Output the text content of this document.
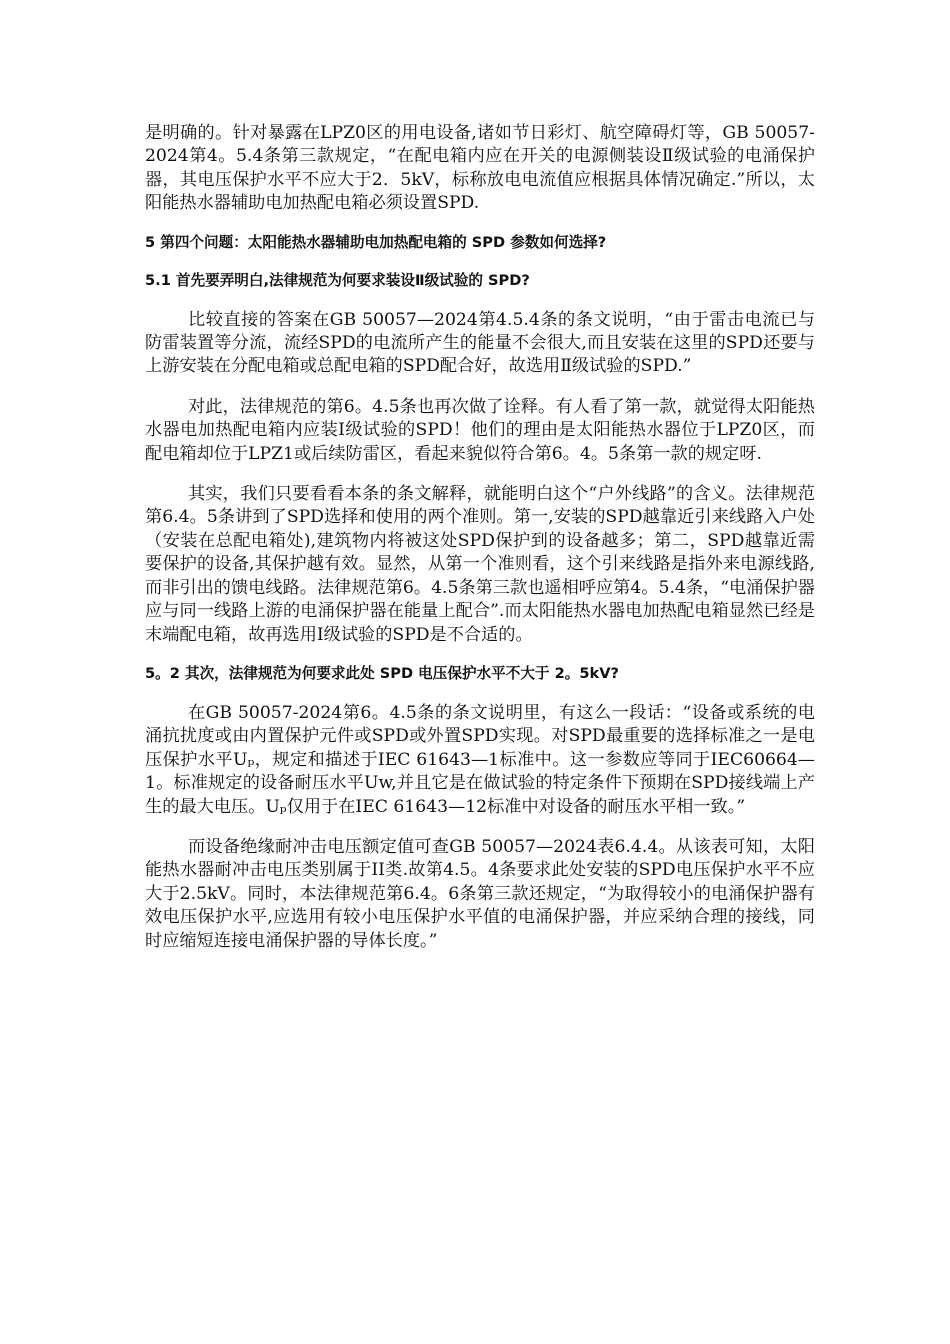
是明确的。针对暴露在LPZ0区的用电设备,诸如节日彩灯、航空障碍灯等，GB 50057-2024第4。5.4条第三款规定，“在配电箱内应在开关的电源侧装设Ⅱ级试验的电涌保护器，其电压保护水平不应大于2．5kV，标称放电电流值应根据具体情况确定.”所以，太阳能热水器辅助电加热配电箱必须设置SPD.

5 第四个问题：太阳能热水器辅助电加热配电箱的 SPD 参数如何选择?
5.1 首先要弄明白,法律规范为何要求装设Ⅱ级试验的 SPD?

比较直接的答案在GB 50057—2024第4.5.4条的条文说明，“由于雷击电流已与防雷装置等分流，流经SPD的电流所产生的能量不会很大,而且安装在这里的SPD还要与上游安装在分配电箱或总配电箱的SPD配合好，故选用Ⅱ级试验的SPD.”

对此，法律规范的第6。4.5条也再次做了诠释。有人看了第一款，就觉得太阳能热水器电加热配电箱内应装Ⅰ级试验的SPD！他们的理由是太阳能热水器位于LPZ0区，而配电箱却位于LPZ1或后续防雷区，看起来貌似符合第6。4。5条第一款的规定呀.

其实，我们只要看看本条的条文解释，就能明白这个“户外线路”的含义。法律规范第6.4。5条讲到了SPD选择和使用的两个准则。第一,安装的SPD越靠近引来线路入户处（安装在总配电箱处),建筑物内将被这处SPD保护到的设备越多；第二，SPD越靠近需要保护的设备,其保护越有效。显然，从第一个准则看，这个引来线路是指外来电源线路,而非引出的馈电线路。法律规范第6。4.5条第三款也遥相呼应第4。5.4条，“电涌保护器应与同一线路上游的电涌保护器在能量上配合”.而太阳能热水器电加热配电箱显然已经是末端配电箱，故再选用Ⅰ级试验的SPD是不合适的。

5。2 其次，法律规范为何要求此处 SPD 电压保护水平不大于 2。5kV?

在GB 50057-2024第6。4.5条的条文说明里，有这么一段话：“设备或系统的电涌抗扰度或由内置保护元件或SPD或外置SPD实现。对SPD最重要的选择标准之一是电压保护水平Uₚ，规定和描述于IEC 61643—1标准中。这一参数应等同于IEC60664—1。标准规定的设备耐压水平Uw,并且它是在做试验的特定条件下预期在SPD接线端上产生的最大电压。Uₚ仅用于在IEC 61643—12标准中对设备的耐压水平相一致。”

而设备绝缘耐冲击电压额定值可查GB 50057—2024表6.4.4。从该表可知，太阳能热水器耐冲击电压类别属于II类.故第4.5。4条要求此处安装的SPD电压保护水平不应大于2.5kV。同时，本法律规范第6.4。6条第三款还规定，“为取得较小的电涌保护器有效电压保护水平,应选用有较小电压保护水平值的电涌保护器，并应采纳合理的接线，同时应缩短连接电涌保护器的导体长度。”
